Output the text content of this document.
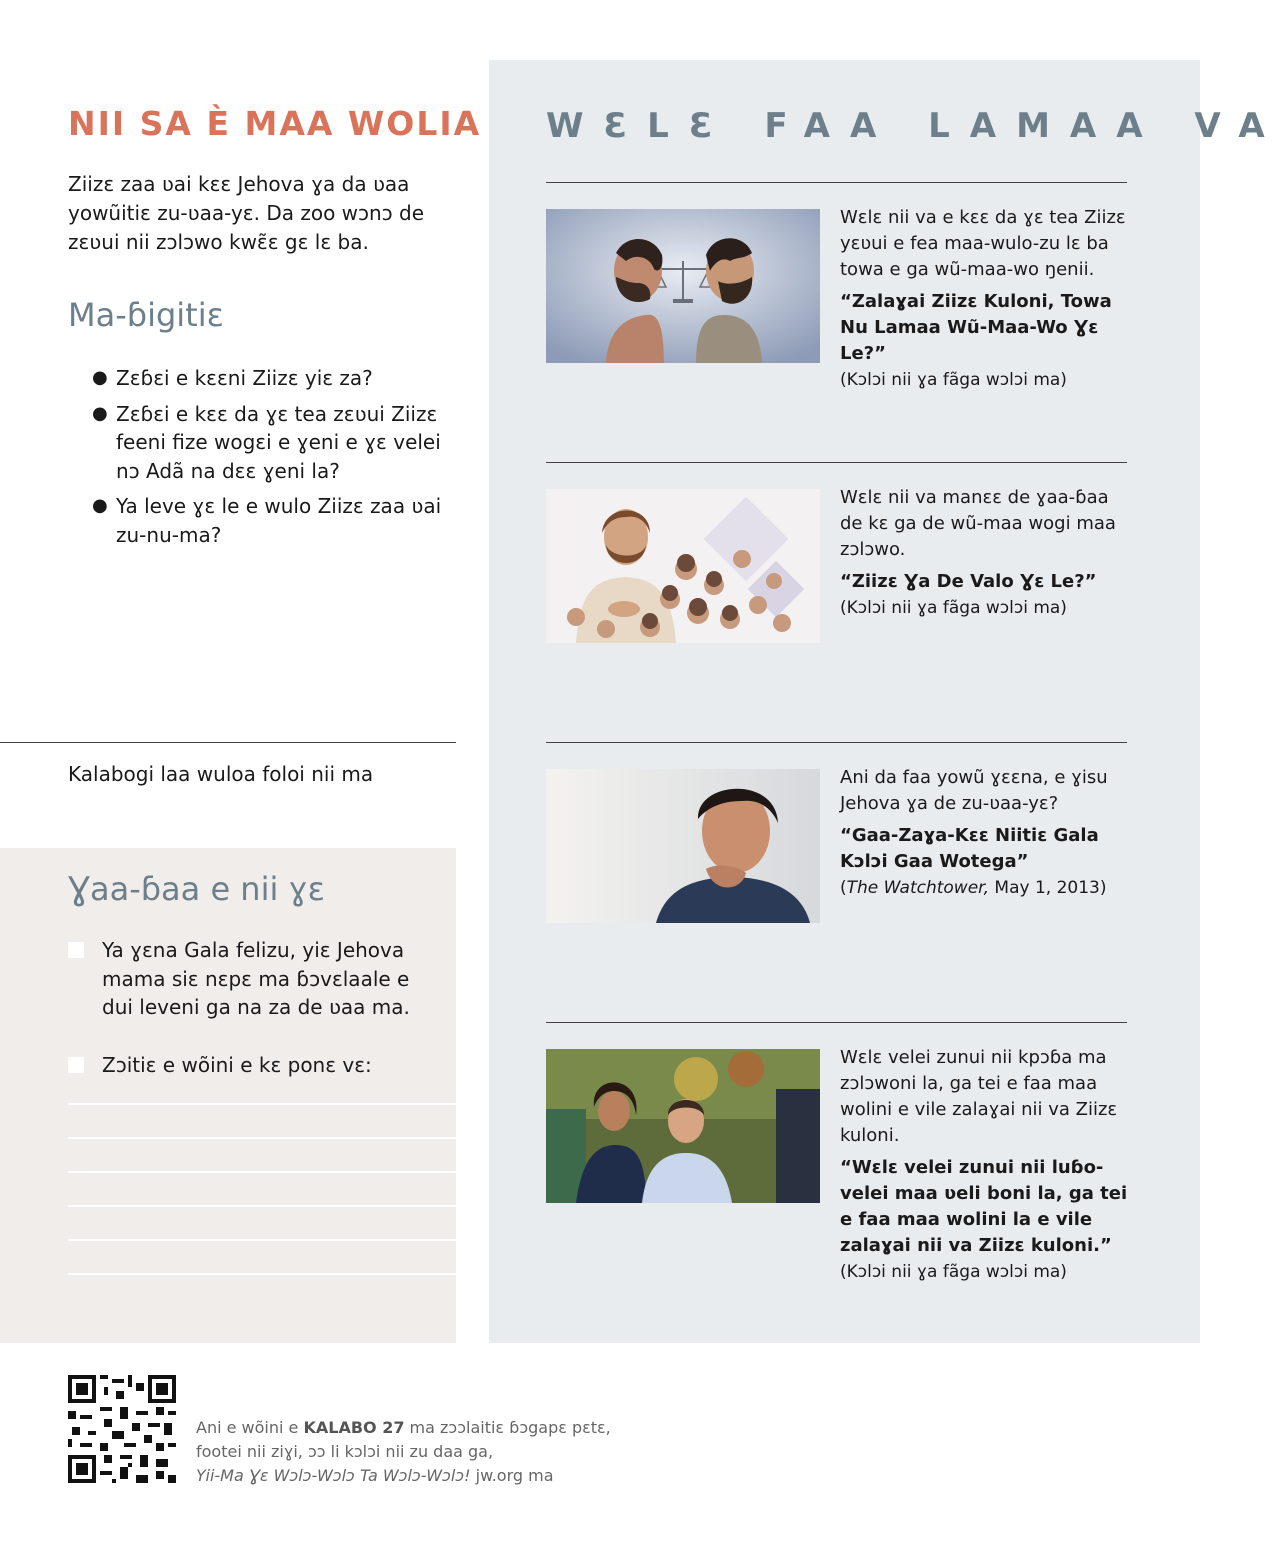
NII SA È MAA WOLIA

Ziizɛ zaa ʋai kɛɛ Jehova ɣa da ʋaa yowũitiɛ zu-ʋaa-yɛ. Da zoo wɔnɔ de zɛʋui nii zɔlɔwo kwɛ̃ɛ gɛ lɛ ba.

Ma-ɓigitiɛ
● Zɛɓɛi e kɛɛni Ziizɛ yiɛ za?
● Zɛɓɛi e kɛɛ da ɣɛ tea zɛʋui Ziizɛ feeni fize wogɛi e ɣeni e ɣɛ velei nɔ Adã na dɛɛ ɣeni la?
● Ya leve ɣɛ le e wulo Ziizɛ zaa ʋai zu-nu-ma?
Kalabogi laa wuloa foloi nii ma
Ɣaa-ɓaa e nii ɣɛ
Ya ɣɛna Gala felizu, yiɛ Jehova mama siɛ nɛpɛ ma ɓɔvɛlaale e dui leveni ga na za de ʋaa ma.
Zɔitiɛ e wõini e kɛ ponɛ vɛ:
WƐLƐ FAA LAMAA VA

Wɛlɛ nii va e kɛɛ da ɣɛ tea Ziizɛ yɛʋui e fea maa-wulo-zu lɛ ba towa e ga wũ-maa-wo ŋenii.

“Zalaɣai Ziizɛ Kuloni, Towa Nu Lamaa Wũ-Maa-Wo Ɣɛ Le?”

(Kɔlɔi nii ɣa fãga wɔlɔi ma)

Wɛlɛ nii va manɛɛ de ɣaa-ɓaa de kɛ ga de wũ-maa wogi maa zɔlɔwo.

“Ziizɛ Ɣa De Valo Ɣɛ Le?”

(Kɔlɔi nii ɣa fãga wɔlɔi ma)

Ani da faa yowũ ɣɛɛna, e ɣisu Jehova ɣa de zu-ʋaa-yɛ?

“Gaa-Zaɣa-Kɛɛ Niitiɛ Gala Kɔlɔi Gaa Wotega”

(The Watchtower, May 1, 2013)

Wɛlɛ velei zunui nii kpɔɓa ma zɔlɔwoni la, ga tei e faa maa wolini e vile zalaɣai nii va Ziizɛ kuloni.

“Wɛlɛ velei zunui nii luɓo-velei maa ʋeli boni la, ga tei e faa maa wolini la e vile zalaɣai nii va Ziizɛ kuloni.”

(Kɔlɔi nii ɣa fãga wɔlɔi ma)

Ani e wõini e KALABO 27 ma zɔɔlaitiɛ ɓɔgapɛ pɛtɛ,

footei nii ziɣi, ɔɔ li kɔlɔi nii zu daa ga,

Yii-Ma Ɣɛ Wɔlɔ-Wɔlɔ Ta Wɔlɔ-Wɔlɔ! jw.org ma
